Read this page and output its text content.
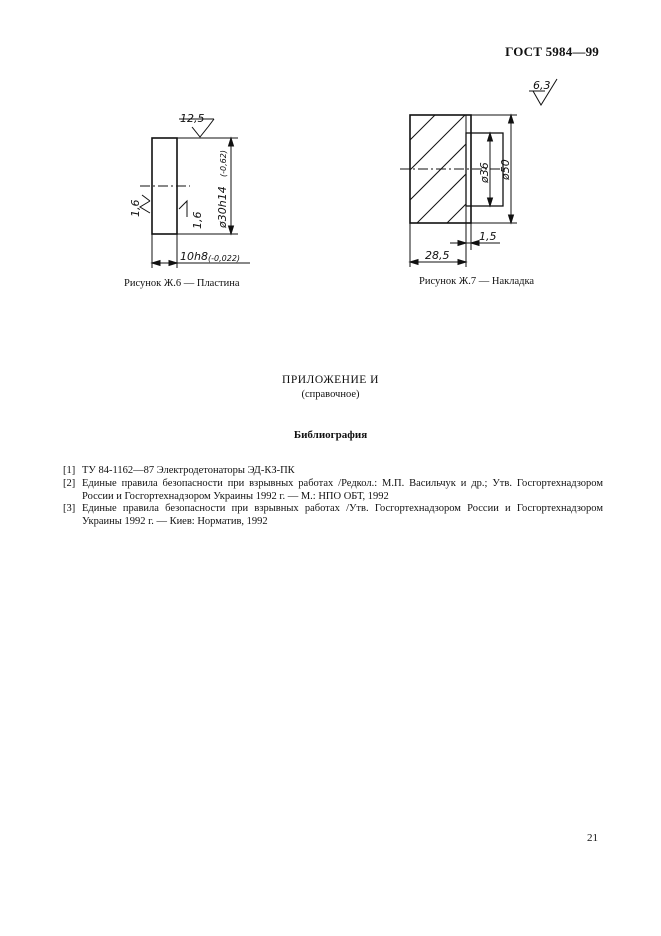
ГОСТ 5984—99
12,5
1,6
1,6 ø30h14
(-0,62)
10h8 (-0,022)
6,3
ø36 ø50
28,5
1,5
Рисунок Ж.6 — Пластина	Рисунок Ж.7 — Накладка
ПРИЛОЖЕНИЕ И
(справочное)
Библиография
[1] ТУ 84-1162—87 Электродетонаторы ЭД-КЗ-ПК
[2] Единые правила безопасности при взрывных работах /Редкол.: М.П. Васильчук и др.; Утв. Госгортехнадзором России и Госгортехнадзором Украины 1992 г. — М.: НПО ОБТ, 1992
[3] Единые правила безопасности при взрывных работах /Утв. Госгортехнадзором России и Госгортехнадзором Украины 1992 г. — Киев: Норматив, 1992
21
